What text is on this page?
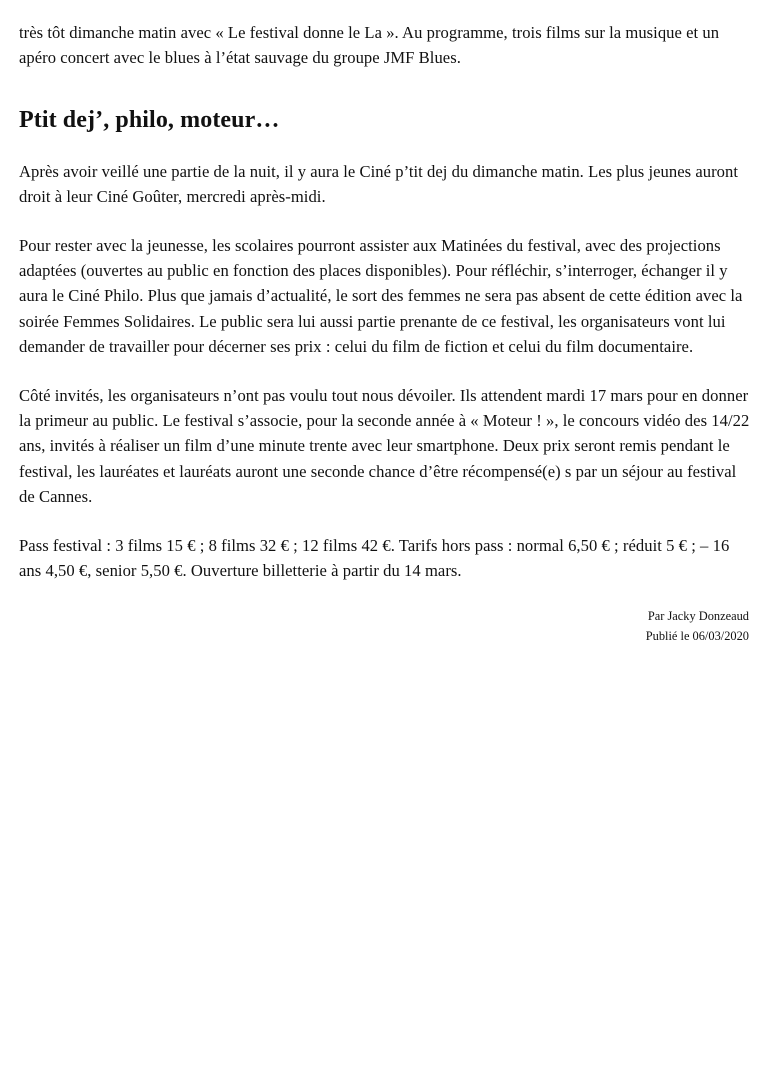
très tôt dimanche matin avec « Le festival donne le La ». Au programme, trois films sur la musique et un apéro concert avec le blues à l’état sauvage du groupe JMF Blues.

Ptit dej’, philo, moteur…

Après avoir veillé une partie de la nuit, il y aura le Ciné p’tit dej du dimanche matin. Les plus jeunes auront droit à leur Ciné Goûter, mercredi après-midi.

Pour rester avec la jeunesse, les scolaires pourront assister aux Matinées du festival, avec des projections adaptées (ouvertes au public en fonction des places disponibles). Pour réfléchir, s’interroger, échanger il y aura le Ciné Philo. Plus que jamais d’actualité, le sort des femmes ne sera pas absent de cette édition avec la soirée Femmes Solidaires. Le public sera lui aussi partie prenante de ce festival, les organisateurs vont lui demander de travailler pour décerner ses prix : celui du film de fiction et celui du film documentaire.

Côté invités, les organisateurs n’ont pas voulu tout nous dévoiler. Ils attendent mardi 17 mars pour en donner la primeur au public. Le festival s’associe, pour la seconde année à « Moteur ! », le concours vidéo des 14/22 ans, invités à réaliser un film d’une minute trente avec leur smartphone. Deux prix seront remis pendant le festival, les lauréates et lauréats auront une seconde chance d’être récompensé(e) s par un séjour au festival de Cannes.

Pass festival : 3 films 15 € ; 8 films 32 € ; 12 films 42 €. Tarifs hors pass : normal 6,50 € ; réduit 5 € ; – 16 ans 4,50 €, senior 5,50 €. Ouverture billetterie à partir du 14 mars.

Par Jacky Donzeaud
Publié le 06/03/2020
